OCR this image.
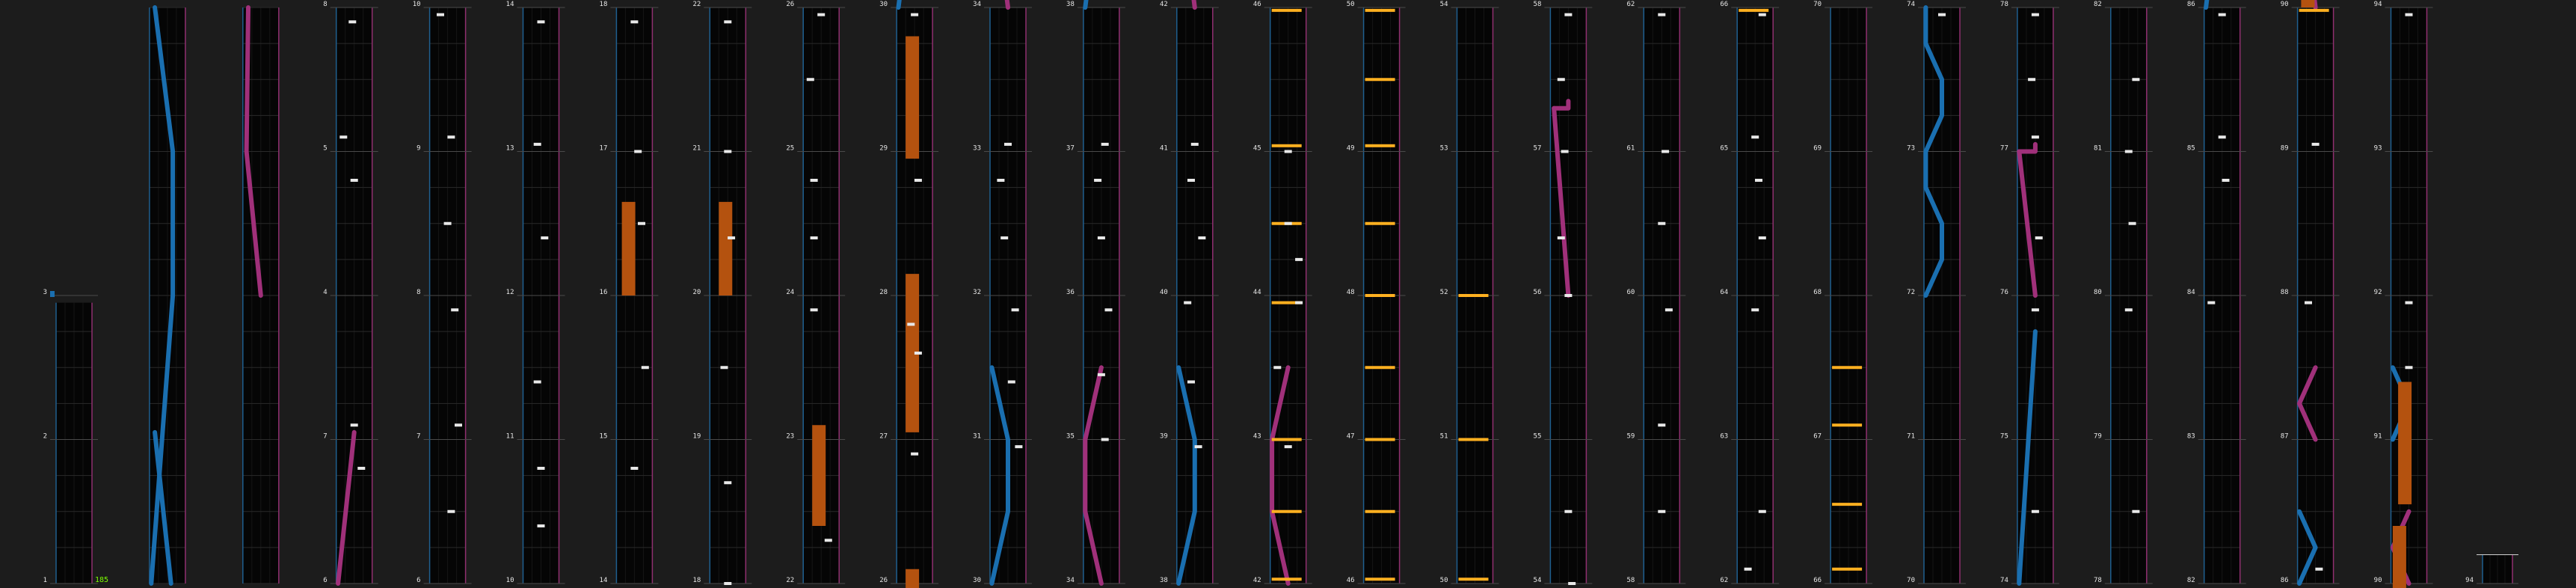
3
2
1
8
5
4
7
6
10
9
8
7
6
14
13
12
11
10
18
17
16
15
14
22
21
20
19
18
26
25
24
23
22
30
29
28
27
26
34
33
32
31
30
38
37
36
35
34
42
41
40
39
38
46
45
44
43
42
50
49
48
47
46
54
53
52
51
50
58
57
56
55
54
62
61
60
59
58
66
65
64
63
62
70
69
68
67
66
74
73
72
71
70
78
77
76
75
74
82
81
80
79
78
86
85
84
83
82
90
89
88
87
86
94
93
92
91
90	94
185
